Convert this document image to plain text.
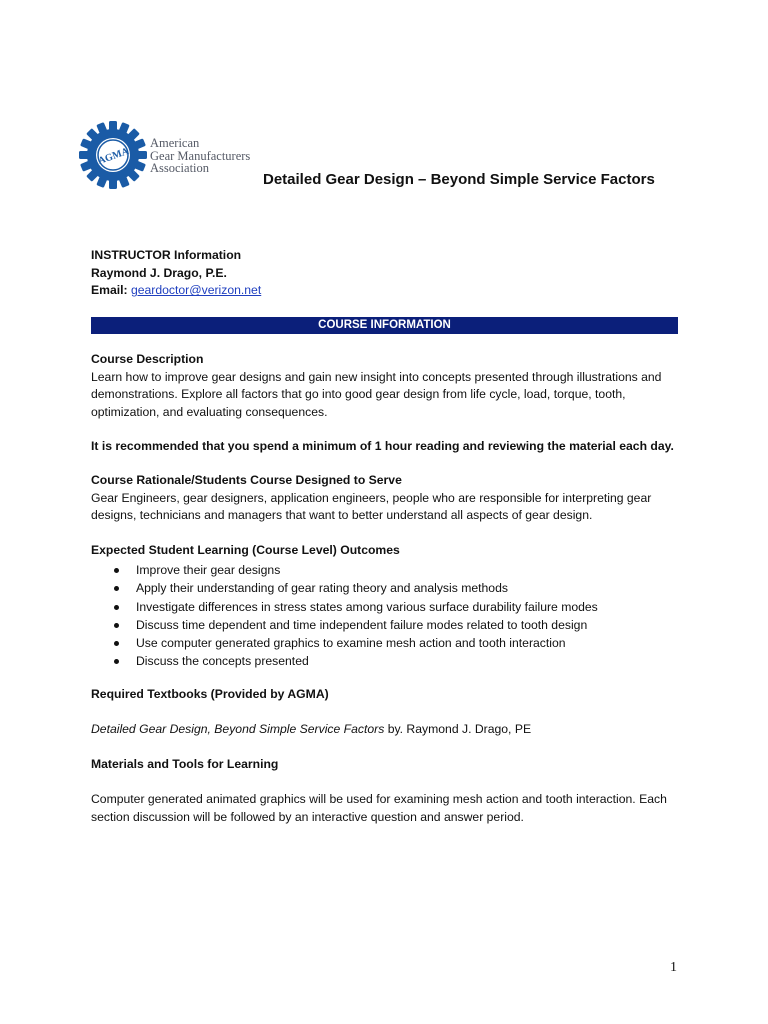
AGMA
American
Gear Manufacturers
Association
Detailed Gear Design – Beyond Simple Service Factors
INSTRUCTOR Information
Raymond J. Drago, P.E.
Email: geardoctor@verizon.net
COURSE INFORMATION
Course Description
Learn how to improve gear designs and gain new insight into concepts presented through illustrations and demonstrations. Explore all factors that go into good gear design from life cycle, load, torque, tooth, optimization, and evaluating consequences.
It is recommended that you spend a minimum of 1 hour reading and reviewing the material each day.
Course Rationale/Students Course Designed to Serve
Gear Engineers, gear designers, application engineers, people who are responsible for interpreting gear designs, technicians and managers that want to better understand all aspects of gear design.
Expected Student Learning (Course Level) Outcomes
Improve their gear designs
Apply their understanding of gear rating theory and analysis methods
Investigate differences in stress states among various surface durability failure modes
Discuss time dependent and time independent failure modes related to tooth design
Use computer generated graphics to examine mesh action and tooth interaction
Discuss the concepts presented
Required Textbooks (Provided by AGMA)
Detailed Gear Design, Beyond Simple Service Factors by. Raymond J. Drago, PE
Materials and Tools for Learning
Computer generated animated graphics will be used for examining mesh action and tooth interaction. Each section discussion will be followed by an interactive question and answer period.
1
